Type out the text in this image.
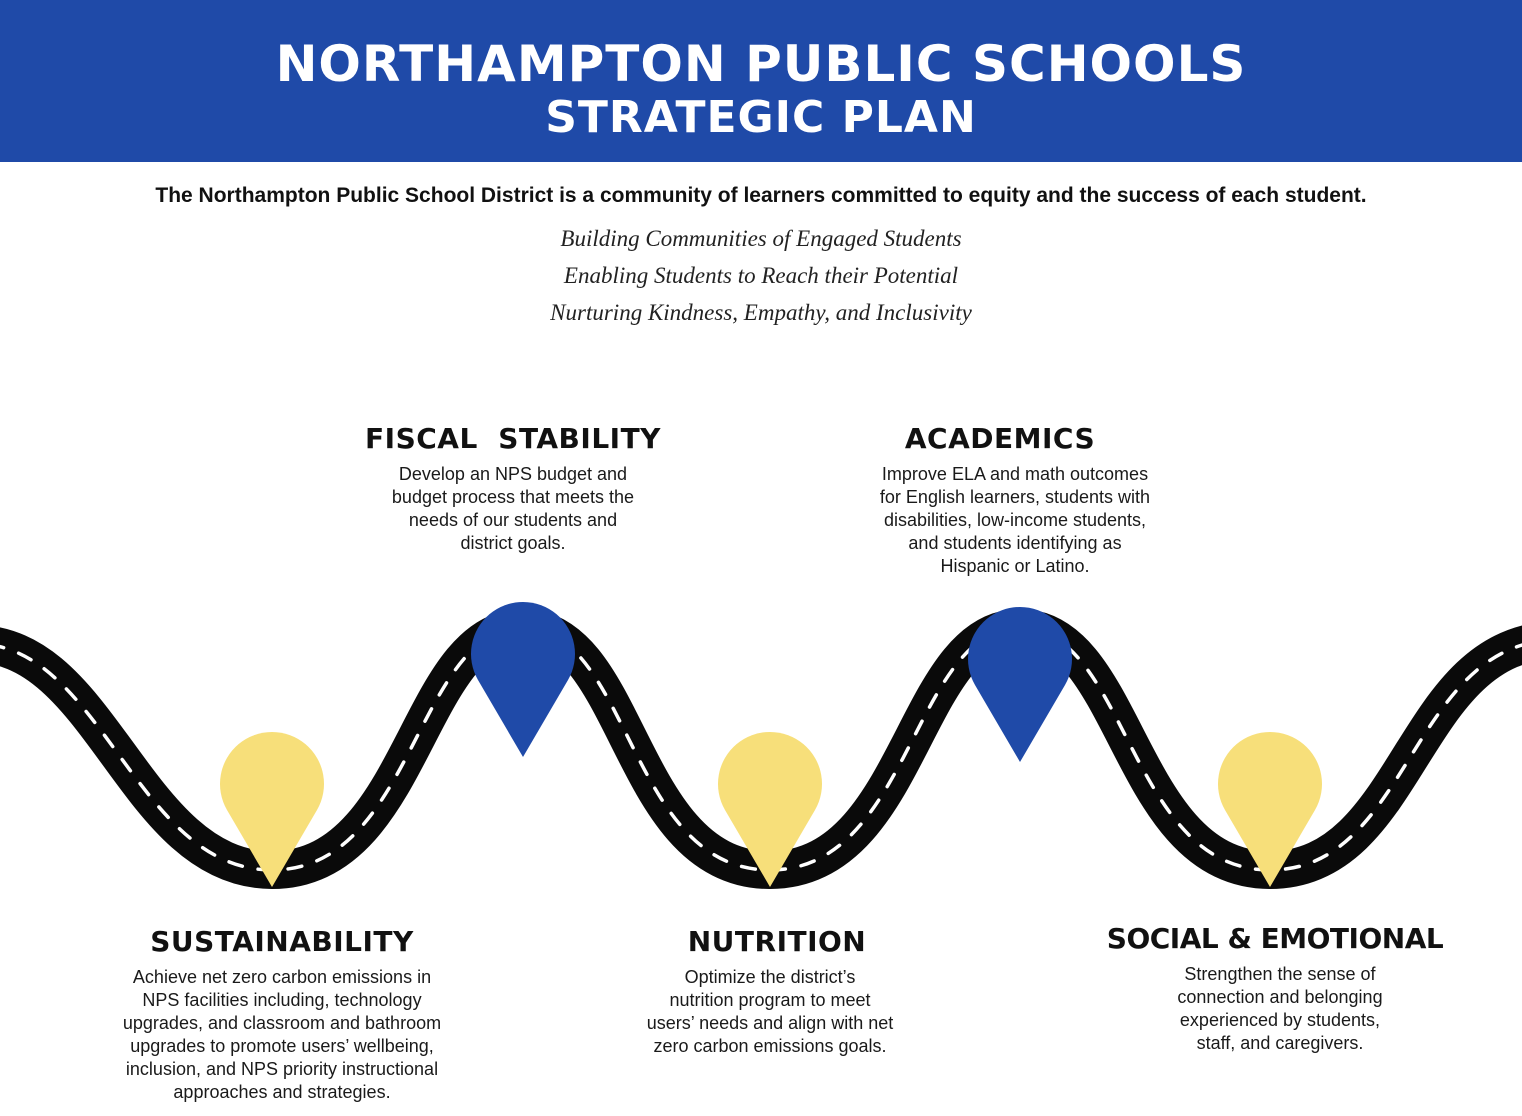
NORTHAMPTON PUBLIC SCHOOLS
STRATEGIC PLAN
The Northampton Public School District is a community of learners committed to equity and the success of each student.
Building Communities of Engaged Students
Enabling Students to Reach their Potential
Nurturing Kindness, Empathy, and Inclusivity
FISCAL  STABILITY
Develop an NPS budget and
budget process that meets the
needs of our students and
district goals.
ACADEMICS
Improve ELA and math outcomes
for English learners, students with
disabilities, low-income students,
and students identifying as
Hispanic or Latino.
SUSTAINABILITY
Achieve net zero carbon emissions in
NPS facilities including, technology
upgrades, and classroom and bathroom
upgrades to promote users’ wellbeing,
inclusion, and NPS priority instructional
approaches and strategies.
NUTRITION
Optimize the district’s
nutrition program to meet
users’ needs and align with net
zero carbon emissions goals.
SOCIAL & EMOTIONAL
Strengthen the sense of
connection and belonging
experienced by students,
staff, and caregivers.
